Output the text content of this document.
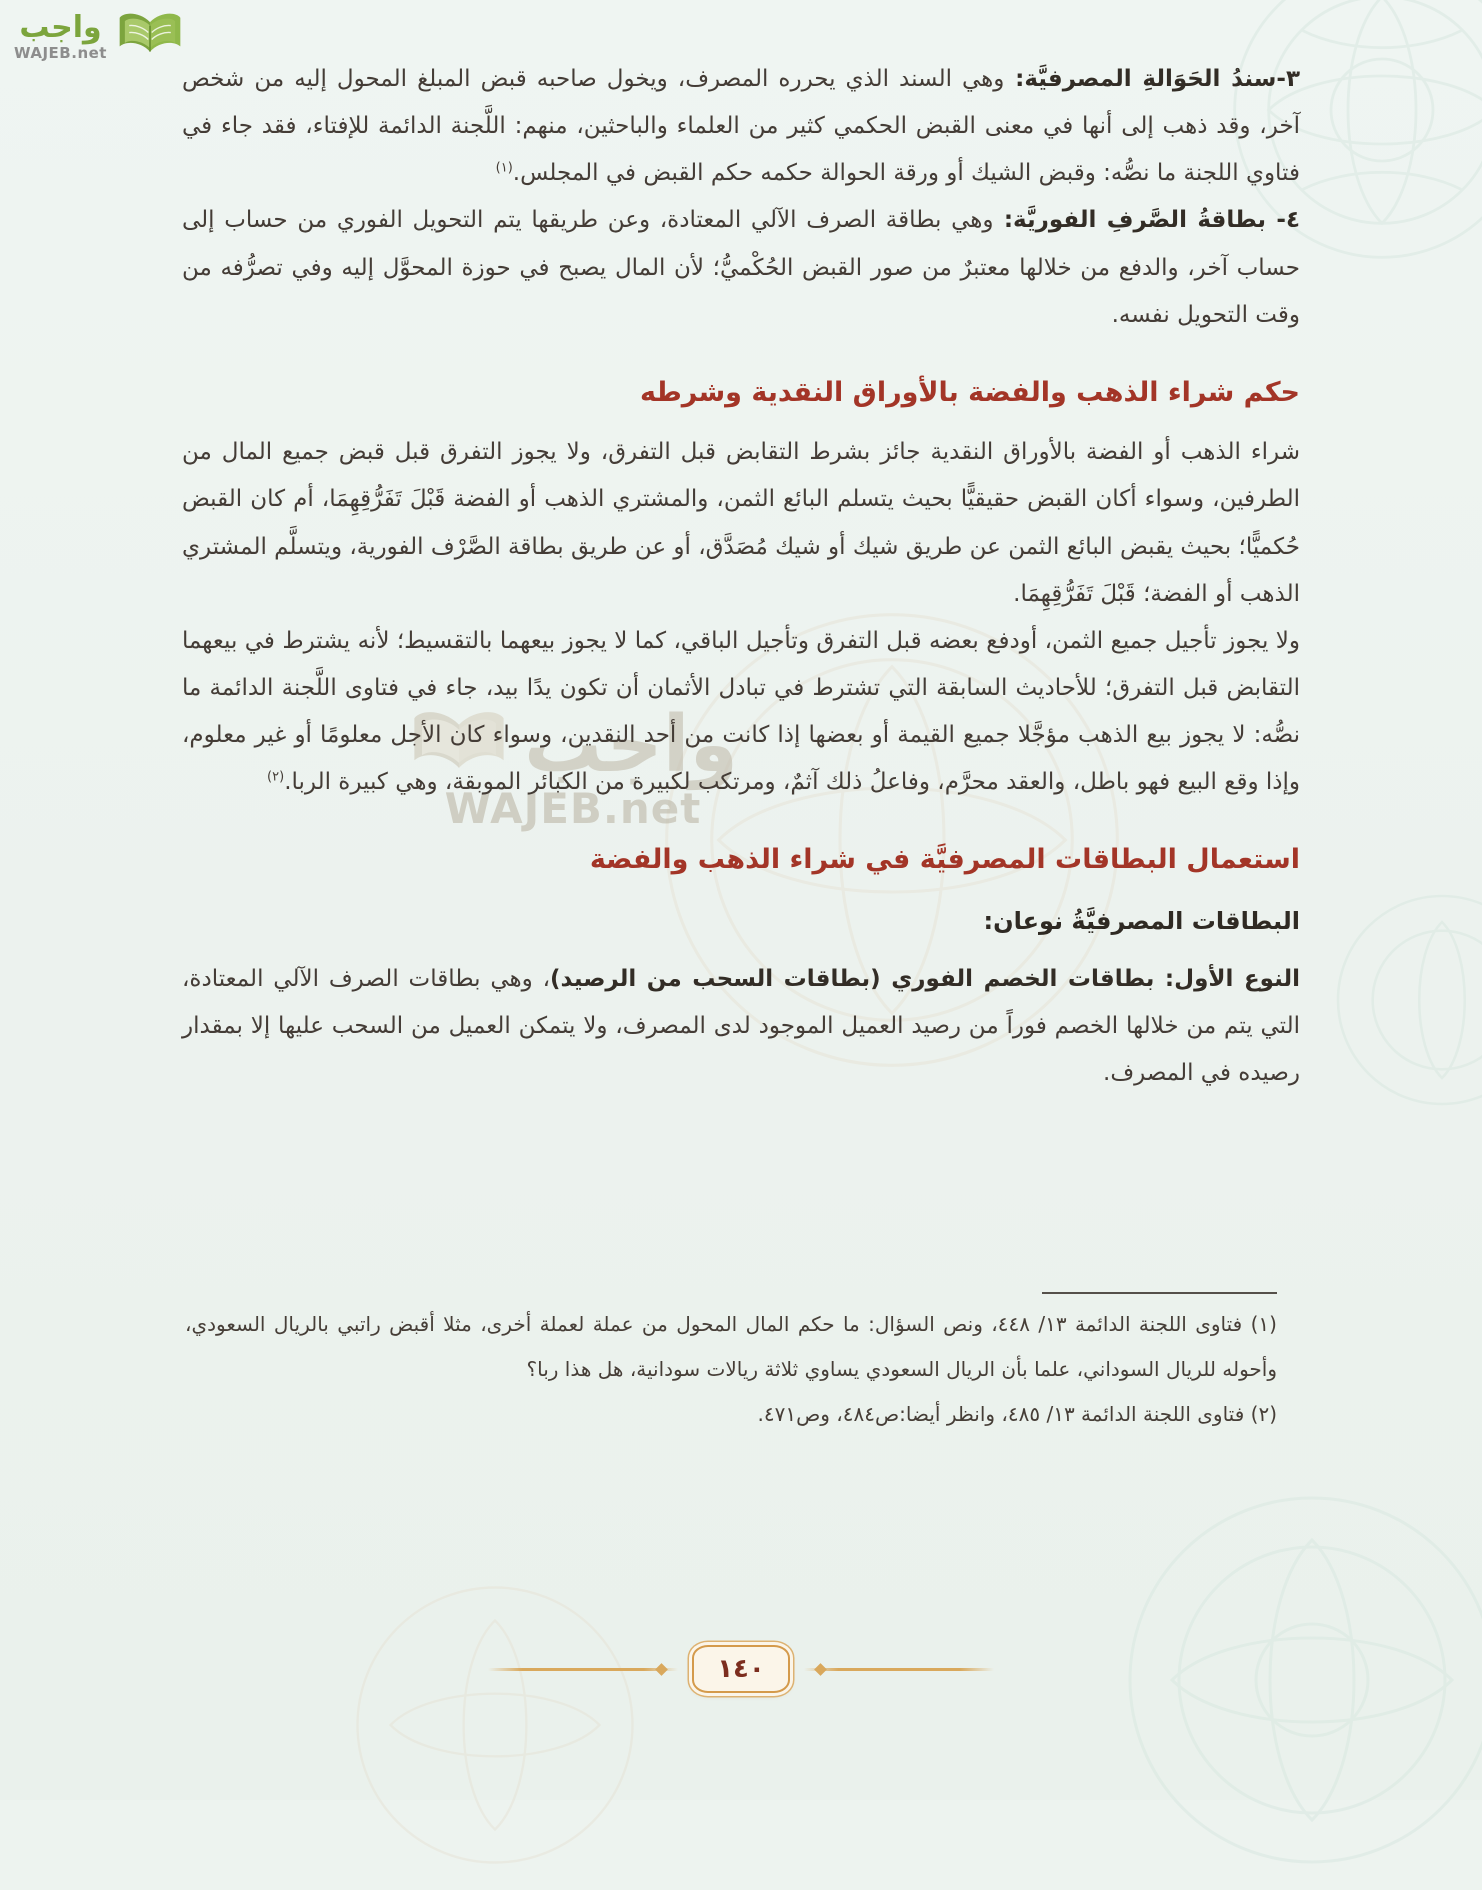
واجب
WAJEB.net
واجب
WAJEB.net

٣-سندُ الحَوَالةِ المصرفيَّة: وهي السند الذي يحرره المصرف، ويخول صاحبه قبض المبلغ المحول إليه من شخص آخر، وقد ذهب إلى أنها في معنى القبض الحكمي كثير من العلماء والباحثين، منهم: اللَّجنة الدائمة للإفتاء، فقد جاء في فتاوي اللجنة ما نصُّه: وقبض الشيك أو ورقة الحوالة حكمه حكم القبض في المجلس.$^{(١)}$

٤- بطاقةُ الصَّرفِ الفوريَّة: وهي بطاقة الصرف الآلي المعتادة، وعن طريقها يتم التحويل الفوري من حساب إلى حساب آخر، والدفع من خلالها معتبرٌ من صور القبض الحُكْميُّ؛ لأن المال يصبح في حوزة المحوَّل إليه وفي تصرُّفه من وقت التحويل نفسه.

حكم شراء الذهب والفضة بالأوراق النقدية وشرطه

شراء الذهب أو الفضة بالأوراق النقدية جائز بشرط التقابض قبل التفرق، ولا يجوز التفرق قبل قبض جميع المال من الطرفين، وسواء أكان القبض حقيقيًّا بحيث يتسلم البائع الثمن، والمشتري الذهب أو الفضة قَبْلَ تَفَرُّقِهِمَا، أم كان القبض حُكميًّا؛ بحيث يقبض البائع الثمن عن طريق شيك أو شيك مُصَدَّق، أو عن طريق بطاقة الصَّرْف الفورية، ويتسلَّم المشتري الذهب أو الفضة؛ قَبْلَ تَفَرُّقِهِمَا.

ولا يجوز تأجيل جميع الثمن، أودفع بعضه قبل التفرق وتأجيل الباقي، كما لا يجوز بيعهما بالتقسيط؛ لأنه يشترط في بيعهما التقابض قبل التفرق؛ للأحاديث السابقة التي تشترط في تبادل الأثمان أن تكون يدًا بيد، جاء في فتاوى اللَّجنة الدائمة ما نصُّه: لا يجوز بيع الذهب مؤجَّلا جميع القيمة أو بعضها إذا كانت من أحد النقدين، وسواء كان الأجل معلومًا أو غير معلوم، وإذا وقع البيع فهو باطل، والعقد محرَّم، وفاعلُ ذلك آثمٌ، ومرتكب لكبيرة من الكبائر الموبقة، وهي كبيرة الربا.$^{(٢)}$

استعمال البطاقات المصرفيَّة في شراء الذهب والفضة

البطاقات المصرفيَّةُ نوعان:

النوع الأول: بطاقات الخصم الفوري (بطاقات السحب من الرصيد)، وهي بطاقات الصرف الآلي المعتادة، التي يتم من خلالها الخصم فوراً من رصيد العميل الموجود لدى المصرف، ولا يتمكن العميل من السحب عليها إلا بمقدار رصيده في المصرف.

(١) فتاوى اللجنة الدائمة ١٣/ ٤٤٨، ونص السؤال: ما حكم المال المحول من عملة لعملة أخرى، مثلا أقبض راتبي بالريال السعودي، وأحوله للريال السوداني، علما بأن الريال السعودي يساوي ثلاثة ريالات سودانية، هل هذا ربا؟

(٢) فتاوى اللجنة الدائمة ١٣/ ٤٨٥، وانظر أيضا:ص٤٨٤، وص٤٧١.

١٤٠
